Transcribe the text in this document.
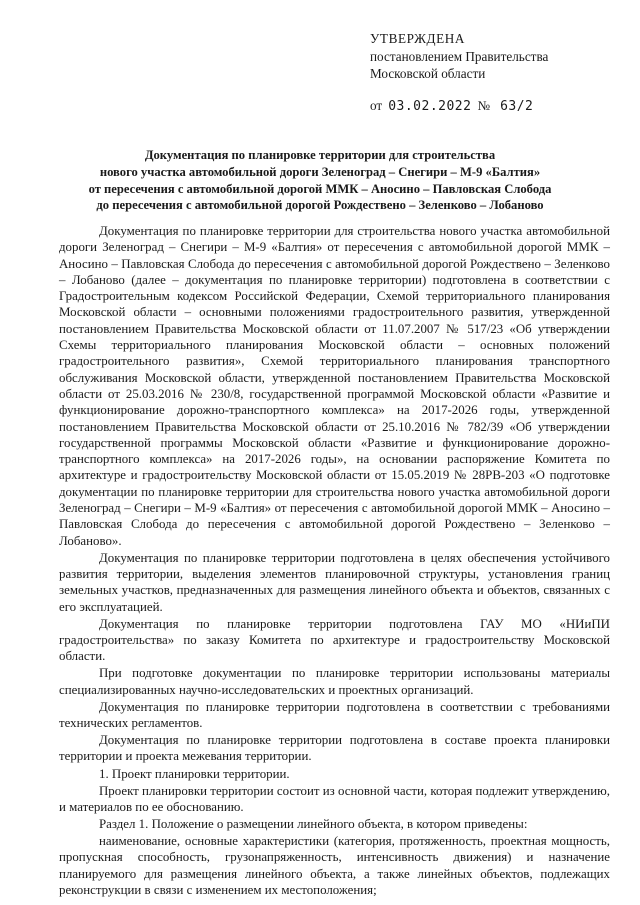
УТВЕРЖДЕНА
постановлением Правительства
Московской области
от 03.02.2022 № 63/2
Документация по планировке территории для строительства
нового участка автомобильной дороги Зеленоград – Снегири – М-9 «Балтия»
от пересечения с автомобильной дорогой ММК – Аносино – Павловская Слобода
до пересечения с автомобильной дорогой Рождествено – Зеленково – Лобаново

Документация по планировке территории для строительства нового участка автомобильной дороги Зеленоград – Снегири – М-9 «Балтия» от пересечения с автомобильной дорогой ММК – Аносино – Павловская Слобода до пересечения с автомобильной дорогой Рождествено – Зеленково – Лобаново (далее – документация по планировке территории) подготовлена в соответствии с Градостроительным кодексом Российской Федерации, Схемой территориального планирования Московской области – основными положениями градостроительного развития, утвержденной постановлением Правительства Московской области от 11.07.2007 № 517/23 «Об утверждении Схемы территориального планирования Московской области – основных положений градостроительного развития», Схемой территориального планирования транспортного обслуживания Московской области, утвержденной постановлением Правительства Московской области от 25.03.2016 № 230/8, государственной программой Московской области «Развитие и функционирование дорожно-транспортного комплекса» на 2017-2026 годы, утвержденной постановлением Правительства Московской области от 25.10.2016 № 782/39 «Об утверждении государственной программы Московской области «Развитие и функционирование дорожно-транспортного комплекса» на 2017-2026 годы», на основании распоряжение Комитета по архитектуре и градостроительству Московской области от 15.05.2019 № 28РВ-203 «О подготовке документации по планировке территории для строительства нового участка автомобильной дороги Зеленоград – Снегири – М-9 «Балтия» от пересечения с автомобильной дорогой ММК – Аносино – Павловская Слобода до пересечения с автомобильной дорогой Рождествено – Зеленково – Лобаново».

Документация по планировке территории подготовлена в целях обеспечения устойчивого развития территории, выделения элементов планировочной структуры, установления границ земельных участков, предназначенных для размещения линейного объекта и объектов, связанных с его эксплуатацией.

Документация по планировке территории подготовлена ГАУ МО «НИиПИ градостроительства» по заказу Комитета по архитектуре и градостроительству Московской области.

При подготовке документации по планировке территории использованы материалы специализированных научно-исследовательских и проектных организаций.

Документация по планировке территории подготовлена в соответствии с требованиями технических регламентов.

Документация по планировке территории подготовлена в составе проекта планировки территории и проекта межевания территории.

1. Проект планировки территории.

Проект планировки территории состоит из основной части, которая подлежит утверждению, и материалов по ее обоснованию.

Раздел 1. Положение о размещении линейного объекта, в котором приведены:

наименование, основные характеристики (категория, протяженность, проектная мощность, пропускная способность, грузонапряженность, интенсивность движения) и назначение планируемого для размещения линейного объекта, а также линейных объектов, подлежащих реконструкции в связи с изменением их местоположения;
